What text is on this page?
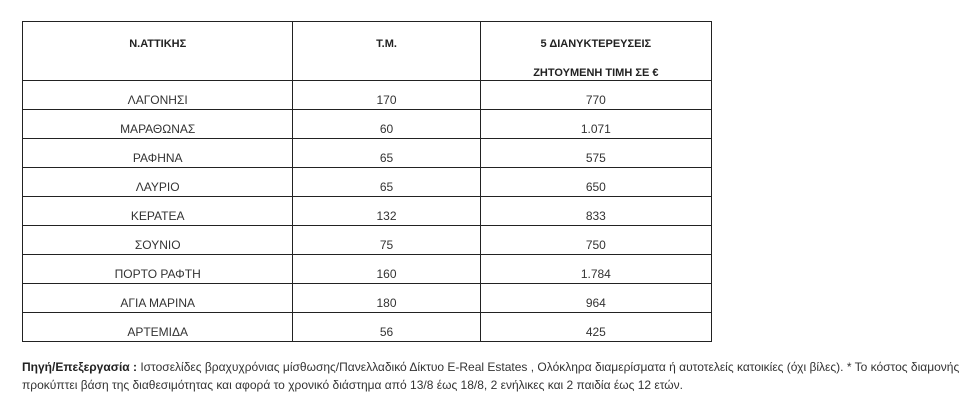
Ν.ΑΤΤΙΚΗΣ	Τ.Μ.	5 ΔΙΑΝΥΚΤΕΡΕΥΣΕΙΣ
ΖΗΤΟΥΜΕΝΗ ΤΙΜΗ ΣΕ €

ΛΑΓΟΝΗΣΙ	170	770
ΜΑΡΑΘΩΝΑΣ	60	1.071
ΡΑΦΗΝΑ	65	575
ΛΑΥΡΙΟ	65	650
ΚΕΡΑΤΕΑ	132	833
ΣΟΥΝΙΟ	75	750
ΠΟΡΤΟ ΡΑΦΤΗ	160	1.784
ΑΓΙΑ ΜΑΡΙΝΑ	180	964
ΑΡΤΕΜΙΔΑ	56	425
Πηγή/Επεξεργασία : Ιστοσελίδες βραχυχρόνιας μίσθωσης/Πανελλαδικό Δίκτυο E-Real Estates , Ολόκληρα διαμερίσματα ή αυτοτελείς κατοικίες (όχι βίλες). * Το κόστος διαμονής προκύπτει βάση της διαθεσιμότητας και αφορά το χρονικό διάστημα από 13/8 έως 18/8, 2 ενήλικες και 2 παιδία έως 12 ετών.
